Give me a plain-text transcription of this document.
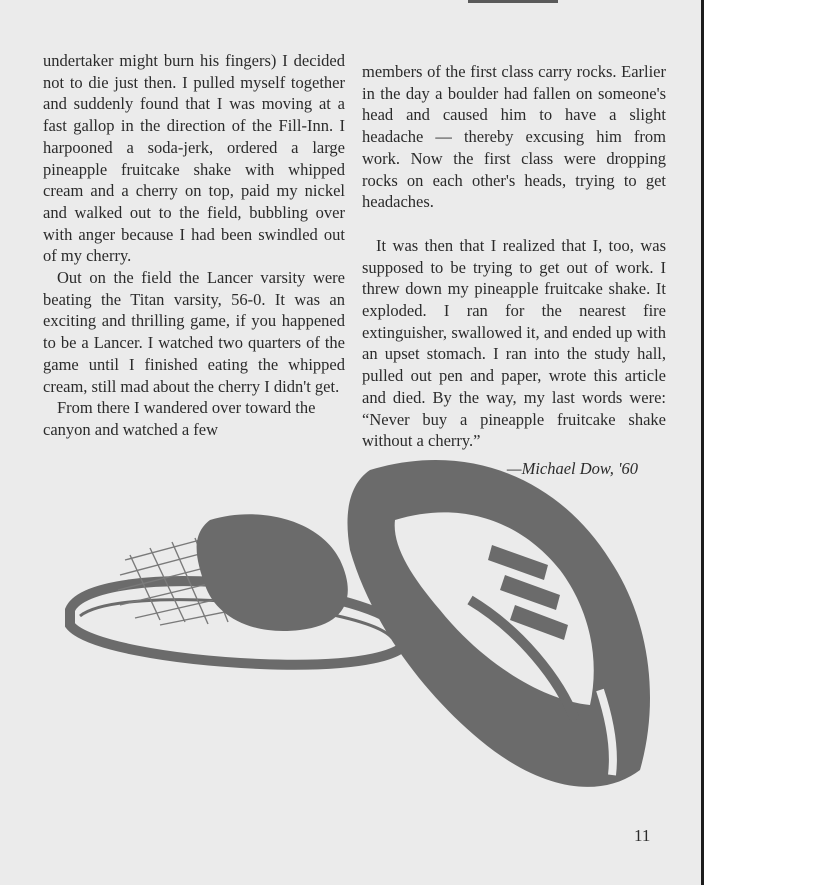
undertaker might burn his fingers) I decided not to die just then. I pulled myself together and suddenly found that I was moving at a fast gallop in the direction of the Fill-Inn. I harpooned a soda-jerk, ordered a large pineapple fruitcake shake with whipped cream and a cherry on top, paid my nickel and walked out to the field, bubbling over with anger because I had been swindled out of my cherry.

Out on the field the Lancer varsity were beating the Titan varsity, 56-0. It was an exciting and thrilling game, if you happened to be a Lancer. I watched two quarters of the game until I finished eating the whipped cream, still mad about the cherry I didn't get.

From there I wandered over toward the canyon and watched a few

members of the first class carry rocks. Earlier in the day a boulder had fallen on someone's head and caused him to have a slight headache — thereby excusing him from work. Now the first class were dropping rocks on each other's heads, trying to get headaches.

It was then that I realized that I, too, was supposed to be trying to get out of work. I threw down my pineapple fruitcake shake. It exploded. I ran for the nearest fire extinguisher, swallowed it, and ended up with an upset stomach. I ran into the study hall, pulled out pen and paper, wrote this article and died. By the way, my last words were: “Never buy a pineapple fruitcake shake without a cherry.”

—Michael Dow, '60

11
